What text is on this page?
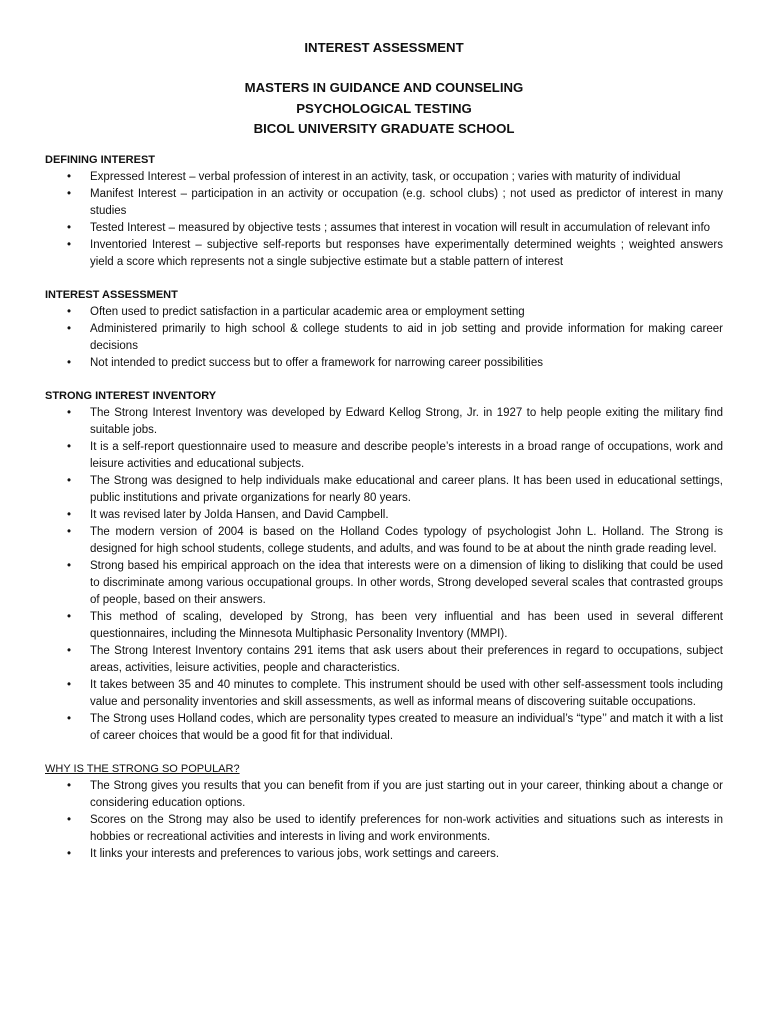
INTEREST ASSESSMENT
MASTERS IN GUIDANCE AND COUNSELING
PSYCHOLOGICAL TESTING
BICOL UNIVERSITY GRADUATE SCHOOL
DEFINING INTEREST
• Expressed Interest – verbal profession of interest in an activity, task, or occupation ; varies with maturity of individual
• Manifest Interest – participation in an activity or occupation (e.g. school clubs) ; not used as predictor of interest in many studies
• Tested Interest – measured by objective tests ; assumes that interest in vocation will result in accumulation of relevant info
• Inventoried Interest – subjective self-reports but responses have experimentally determined weights ; weighted answers yield a score which represents not a single subjective estimate but a stable pattern of interest
INTEREST ASSESSMENT
• Often used to predict satisfaction in a particular academic area or employment setting
• Administered primarily to high school & college students to aid in job setting and provide information for making career decisions
• Not intended to predict success but to offer a framework for narrowing career possibilities
STRONG INTEREST INVENTORY
• The Strong Interest Inventory was developed by Edward Kellog Strong, Jr. in 1927 to help people exiting the military find suitable jobs.
• It is a self-report questionnaire used to measure and describe people’s interests in a broad range of occupations, work and leisure activities and educational subjects.
• The Strong was designed to help individuals make educational and career plans. It has been used in educational settings, public institutions and private organizations for nearly 80 years.
• It was revised later by JoIda Hansen, and David Campbell.
• The modern version of 2004 is based on the Holland Codes typology of psychologist John L. Holland. The Strong is designed for high school students, college students, and adults, and was found to be at about the ninth grade reading level.
• Strong based his empirical approach on the idea that interests were on a dimension of liking to disliking that could be used to discriminate among various occupational groups. In other words, Strong developed several scales that contrasted groups of people, based on their answers.
• This method of scaling, developed by Strong, has been very influential and has been used in several different questionnaires, including the Minnesota Multiphasic Personality Inventory (MMPI).
• The Strong Interest Inventory contains 291 items that ask users about their preferences in regard to occupations, subject areas, activities, leisure activities, people and characteristics.
• It takes between 35 and 40 minutes to complete. This instrument should be used with other self-assessment tools including value and personality inventories and skill assessments, as well as informal means of discovering suitable occupations.
• The Strong uses Holland codes, which are personality types created to measure an individual’s “type’’ and match it with a list of career choices that would be a good fit for that individual.
WHY IS THE STRONG SO POPULAR?
• The Strong gives you results that you can benefit from if you are just starting out in your career, thinking about a change or considering education options.
• Scores on the Strong may also be used to identify preferences for non-work activities and situations such as interests in hobbies or recreational activities and interests in living and work environments.
• It links your interests and preferences to various jobs, work settings and careers.
